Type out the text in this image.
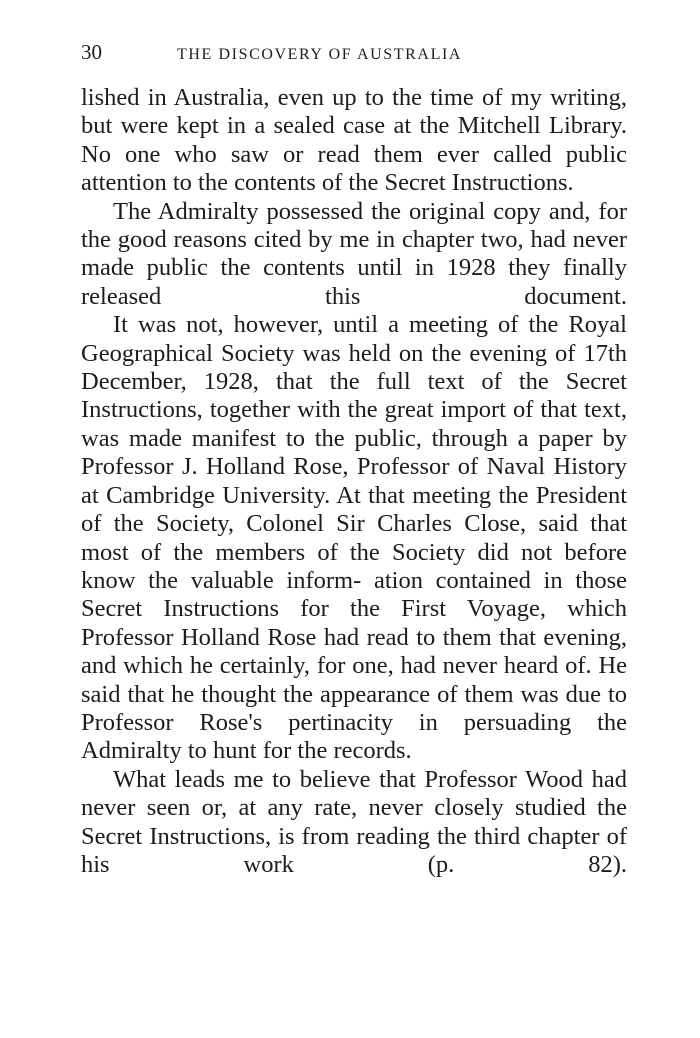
30	THE DISCOVERY OF AUSTRALIA

lished in Australia, even up to the time of my writing, but were kept in a sealed case at the Mitchell Library. No one who saw or read them ever called public attention to the contents of the Secret Instructions.

The Admiralty possessed the original copy and, for the good reasons cited by me in chapter two, had never made public the contents until in 1928 they finally released this document.

It was not, however, until a meeting of the Royal Geographical Society was held on the evening of 17th December, 1928, that the full text of the Secret Instructions, together with the great import of that text, was made manifest to the public, through a paper by Professor J. Holland Rose, Professor of Naval History at Cambridge University. At that meeting the President of the Society, Colonel Sir Charles Close, said that most of the members of the Society did not before know the valuable inform- ation contained in those Secret Instructions for the First Voyage, which Professor Holland Rose had read to them that evening, and which he certainly, for one, had never heard of. He said that he thought the appearance of them was due to Professor Rose's pertinacity in persuading the Admiralty to hunt for the records.

What leads me to believe that Professor Wood had never seen or, at any rate, never closely studied the Secret Instructions, is from reading the third chapter of his work (p. 82).
